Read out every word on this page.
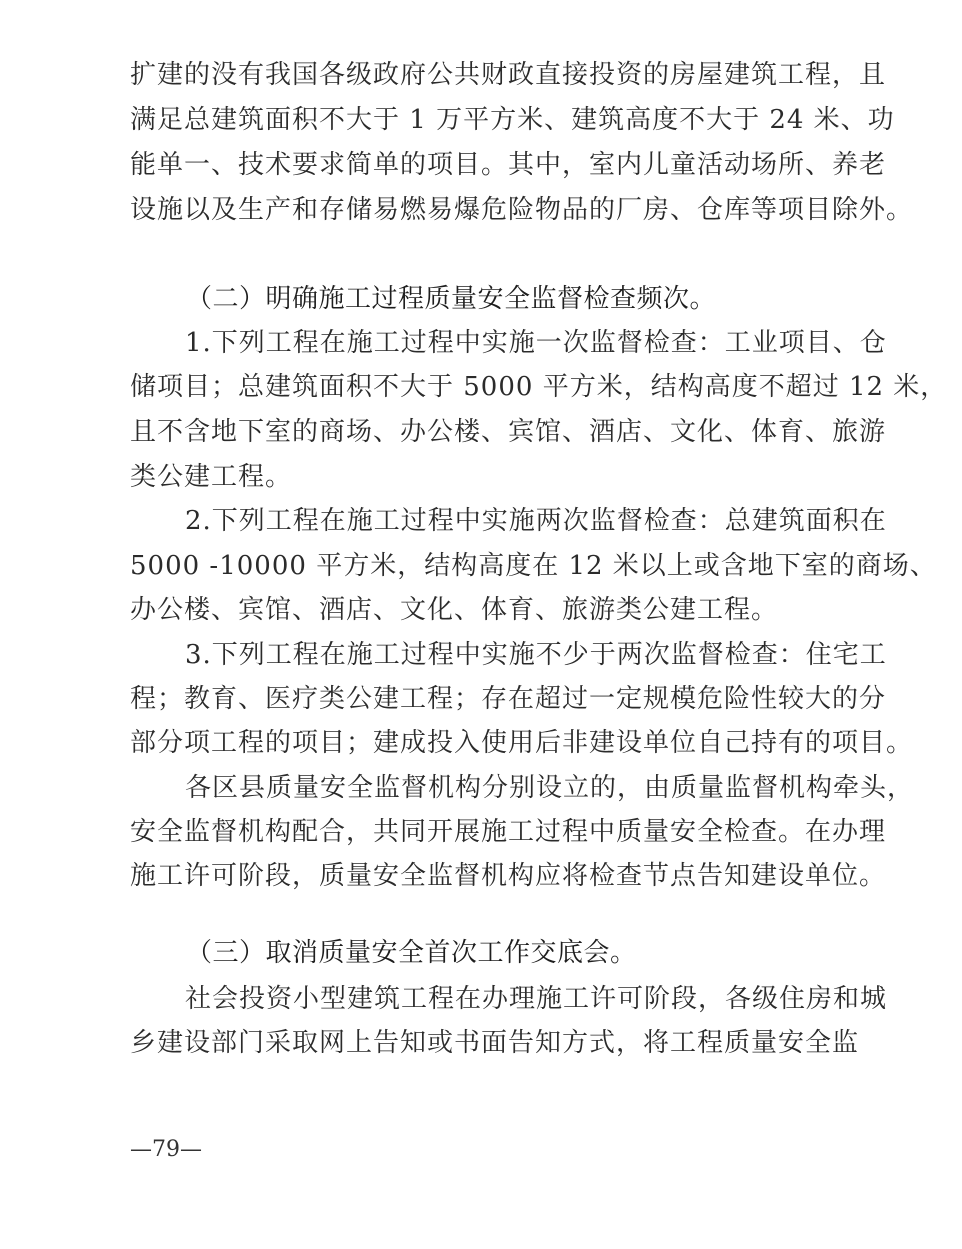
扩建的没有我国各级政府公共财政直接投资的房屋建筑工程，且
满足总建筑面积不大于 1 万平方米、建筑高度不大于 24 米、功
能单一、技术要求简单的项目。其中，室内儿童活动场所、养老
设施以及生产和存储易燃易爆危险物品的厂房、仓库等项目除外。
（二）明确施工过程质量安全监督检查频次。
1.下列工程在施工过程中实施一次监督检查：工业项目、仓
储项目；总建筑面积不大于 5000 平方米，结构高度不超过 12 米，
且不含地下室的商场、办公楼、宾馆、酒店、文化、体育、旅游
类公建工程。
2.下列工程在施工过程中实施两次监督检查：总建筑面积在
5000 -10000 平方米，结构高度在 12 米以上或含地下室的商场、
办公楼、宾馆、酒店、文化、体育、旅游类公建工程。
3.下列工程在施工过程中实施不少于两次监督检查：住宅工
程；教育、医疗类公建工程；存在超过一定规模危险性较大的分
部分项工程的项目；建成投入使用后非建设单位自己持有的项目。
各区县质量安全监督机构分别设立的，由质量监督机构牵头，
安全监督机构配合，共同开展施工过程中质量安全检查。在办理
施工许可阶段，质量安全监督机构应将检查节点告知建设单位。
（三）取消质量安全首次工作交底会。
社会投资小型建筑工程在办理施工许可阶段，各级住房和城
乡建设部门采取网上告知或书面告知方式，将工程质量安全监
—79—
